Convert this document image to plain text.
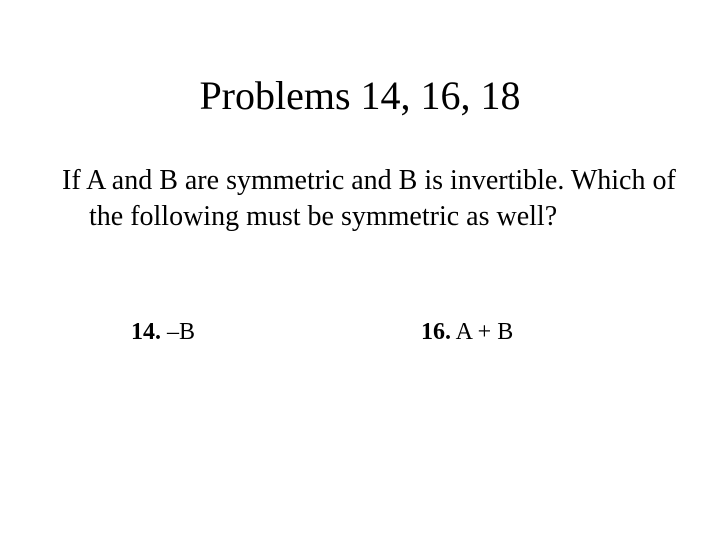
Problems 14, 16, 18

If A and B are symmetric and B is invertible. Which of the following must be symmetric as well?

14. –B	16. A + B
